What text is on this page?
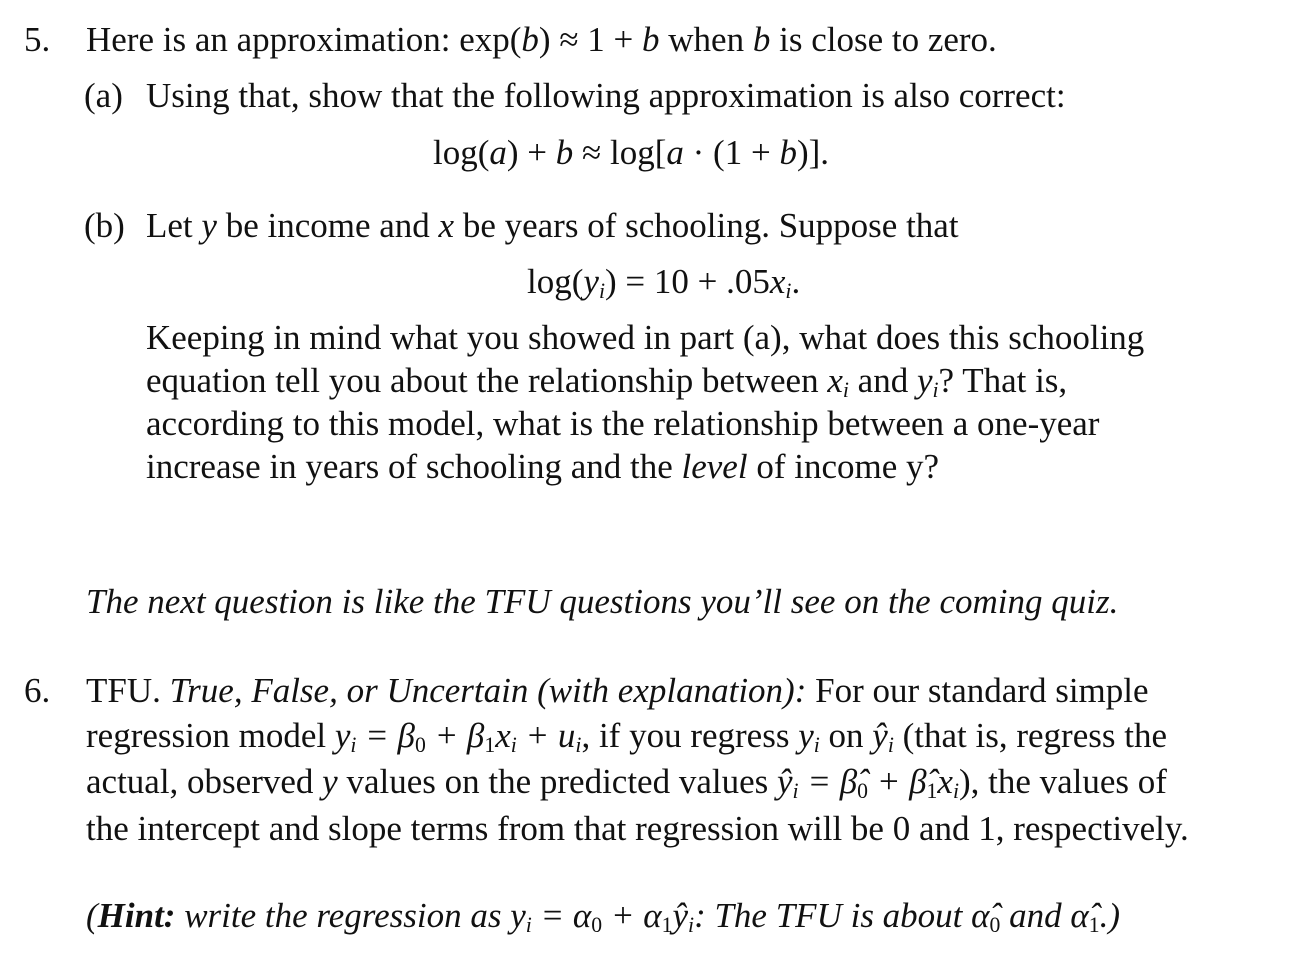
5. Here is an approximation: exp(b) ≈ 1 + b when b is close to zero.
(a) Using that, show that the following approximation is also correct:
log(a) + b ≈ log[a · (1 + b)].
(b) Let y be income and x be years of schooling. Suppose that
$\log(y_i) = 10 + .05x_i$.
Keeping in mind what you showed in part (a), what does this schooling
equation tell you about the relationship between $x_i$ and $y_i$? That is,
according to this model, what is the relationship between a one-year
increase in years of schooling and the level of income y?
The next question is like the TFU questions you’ll see on the coming quiz.
6. TFU. True, False, or Uncertain (with explanation): For our standard simple
regression model $y_i = \beta_0 + \beta_1x_i + u_i$, if you regress $y_i$ on $ŷ_i$ (that is, regress the
actual, observed y values on the predicted values $ŷ_i$ = $\betâ_0$ + $\betâ_1x_i$), the values of
the intercept and slope terms from that regression will be 0 and 1, respectively.
(Hint: write the regression as $y_i = \alpha_0$ + $\alpha_1ŷ_i$: The TFU is about $\alphâ_0$ and $\alphâ_1$.)
